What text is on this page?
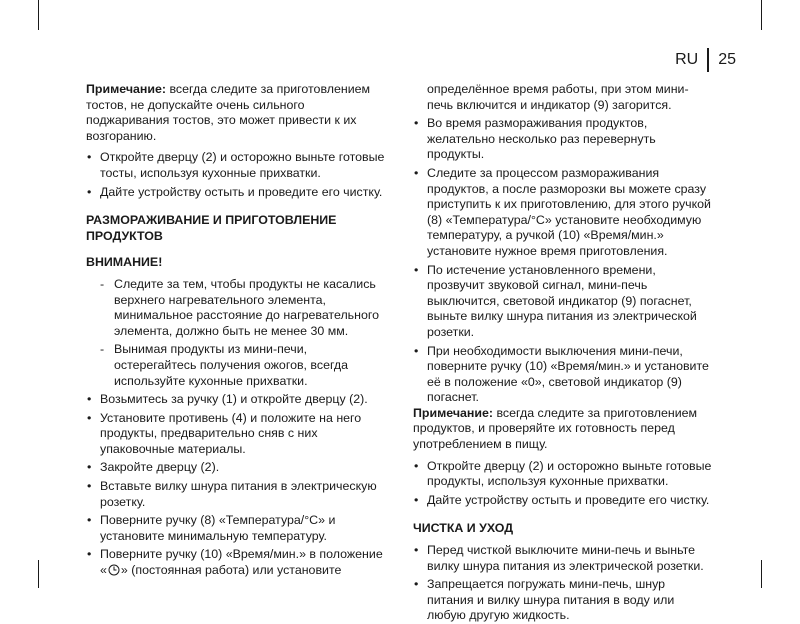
RU	25

Примечание: всегда следите за приготовлением тостов, не допускайте очень сильного поджаривания тостов, это может привести к их возгоранию.

• Откройте дверцу (2) и осторожно выньте готовые тосты, используя кухонные прихватки.
• Дайте устройству остыть и проведите его чистку.
РАЗМОРАЖИВАНИЕ И ПРИГОТОВЛЕНИЕ ПРОДУКТОВ
ВНИМАНИЕ!
- Следите за тем, чтобы продукты не касались верхнего нагревательного элемента, минимальное расстояние до нагревательного элемента, должно быть не менее 30 мм.
- Вынимая продукты из мини-печи, остерегайтесь получения ожогов, всегда используйте кухонные прихватки.
• Возьмитесь за ручку (1) и откройте дверцу (2).
• Установите противень (4) и положите на него продукты, предварительно сняв с них упаковочные материалы.
• Закройте дверцу (2).
• Вставьте вилку шнура питания в электрическую розетку.
• Поверните ручку (8) «Температура/°С» и установите минимальную температуру.
• Поверните ручку (10) «Время/мин.» в положение « » (постоянная работа) или установите

определённое время работы, при этом мини-печь включится и индикатор (9) загорится.

• Во время размораживания продуктов, желательно несколько раз перевернуть продукты.
• Следите за процессом размораживания продуктов, а после разморозки вы можете сразу приступить к их приготовлению, для этого ручкой (8) «Температура/°С» установите необходимую температуру, а ручкой (10) «Время/мин.» установите нужное время приготовления.
• По истечение установленного времени, прозвучит звуковой сигнал, мини-печь выключится, световой индикатор (9) погаснет, выньте вилку шнура питания из электрической розетки.
• При необходимости выключения мини-печи, поверните ручку (10) «Время/мин.» и установите её в положение «0», световой индикатор (9) погаснет.

Примечание: всегда следите за приготовлением продуктов, и проверяйте их готовность перед употреблением в пищу.

• Откройте дверцу (2) и осторожно выньте готовые продукты, используя кухонные прихватки.
• Дайте устройству остыть и проведите его чистку.
ЧИСТКА И УХОД
• Перед чисткой выключите мини-печь и выньте вилку шнура питания из электрической розетки.
• Запрещается погружать мини-печь, шнур питания и вилку шнура питания в воду или любую другую жидкость.
